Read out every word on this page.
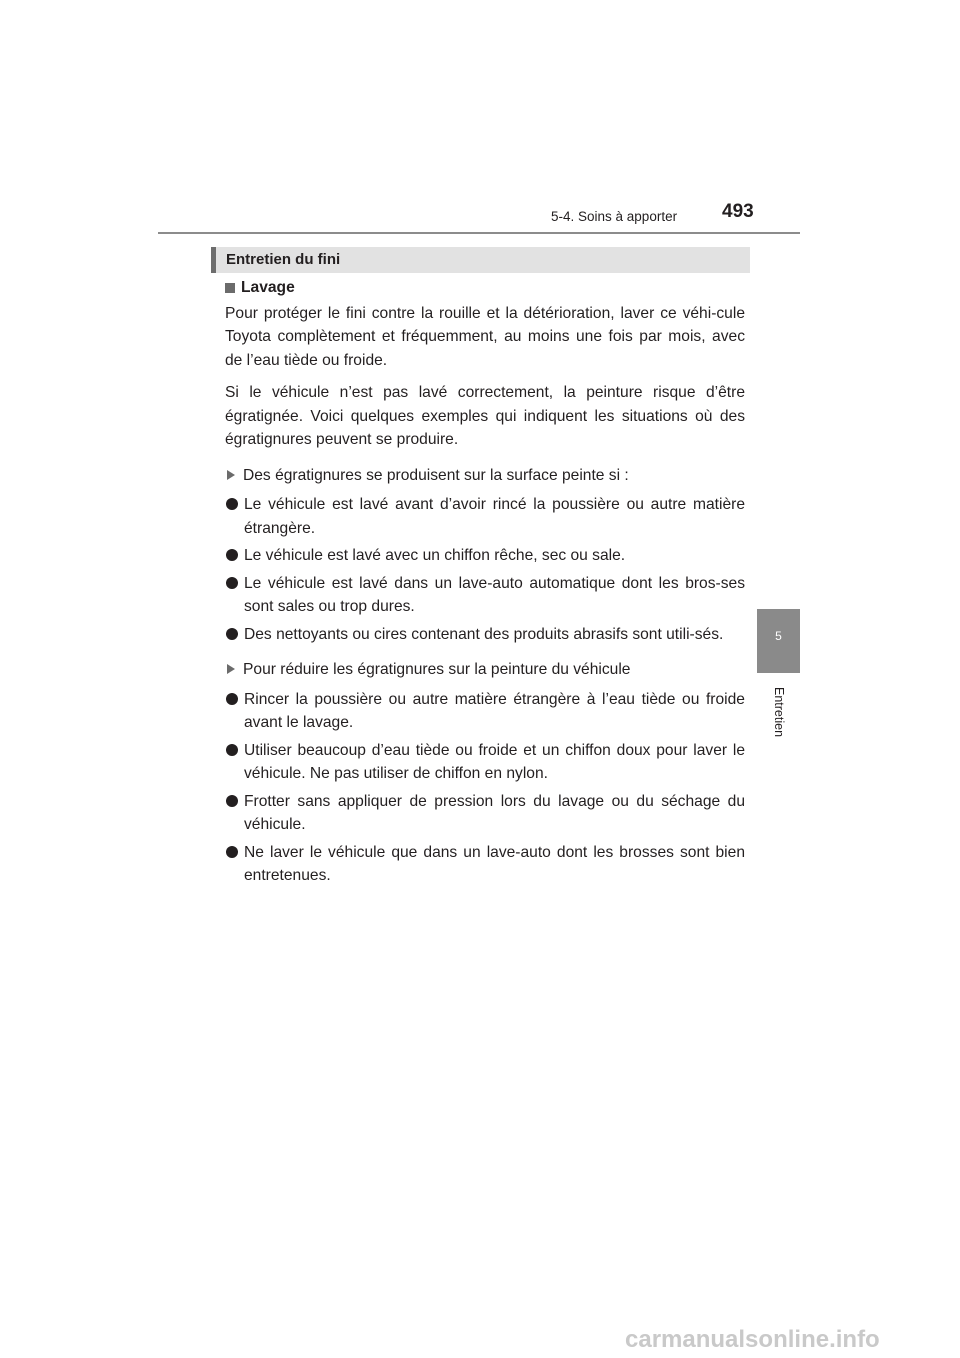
5-4. Soins à apporter 493
5
Entretien
Entretien du fini
Lavage

Pour protéger le fini contre la rouille et la détérioration, laver ce véhi-cule Toyota complètement et fréquemment, au moins une fois par mois, avec de l’eau tiède ou froide.

Si le véhicule n’est pas lavé correctement, la peinture risque d’être égratignée. Voici quelques exemples qui indiquent les situations où des égratignures peuvent se produire.

Des égratignures se produisent sur la surface peinte si :
Le véhicule est lavé avant d’avoir rincé la poussière ou autre matière étrangère.
Le véhicule est lavé avec un chiffon rêche, sec ou sale.
Le véhicule est lavé dans un lave-auto automatique dont les bros-ses sont sales ou trop dures.
Des nettoyants ou cires contenant des produits abrasifs sont utili-sés.
Pour réduire les égratignures sur la peinture du véhicule
Rincer la poussière ou autre matière étrangère à l’eau tiède ou froide avant le lavage.
Utiliser beaucoup d’eau tiède ou froide et un chiffon doux pour laver le véhicule. Ne pas utiliser de chiffon en nylon.
Frotter sans appliquer de pression lors du lavage ou du séchage du véhicule.
Ne laver le véhicule que dans un lave-auto dont les brosses sont bien entretenues.
carmanualsonline.info
